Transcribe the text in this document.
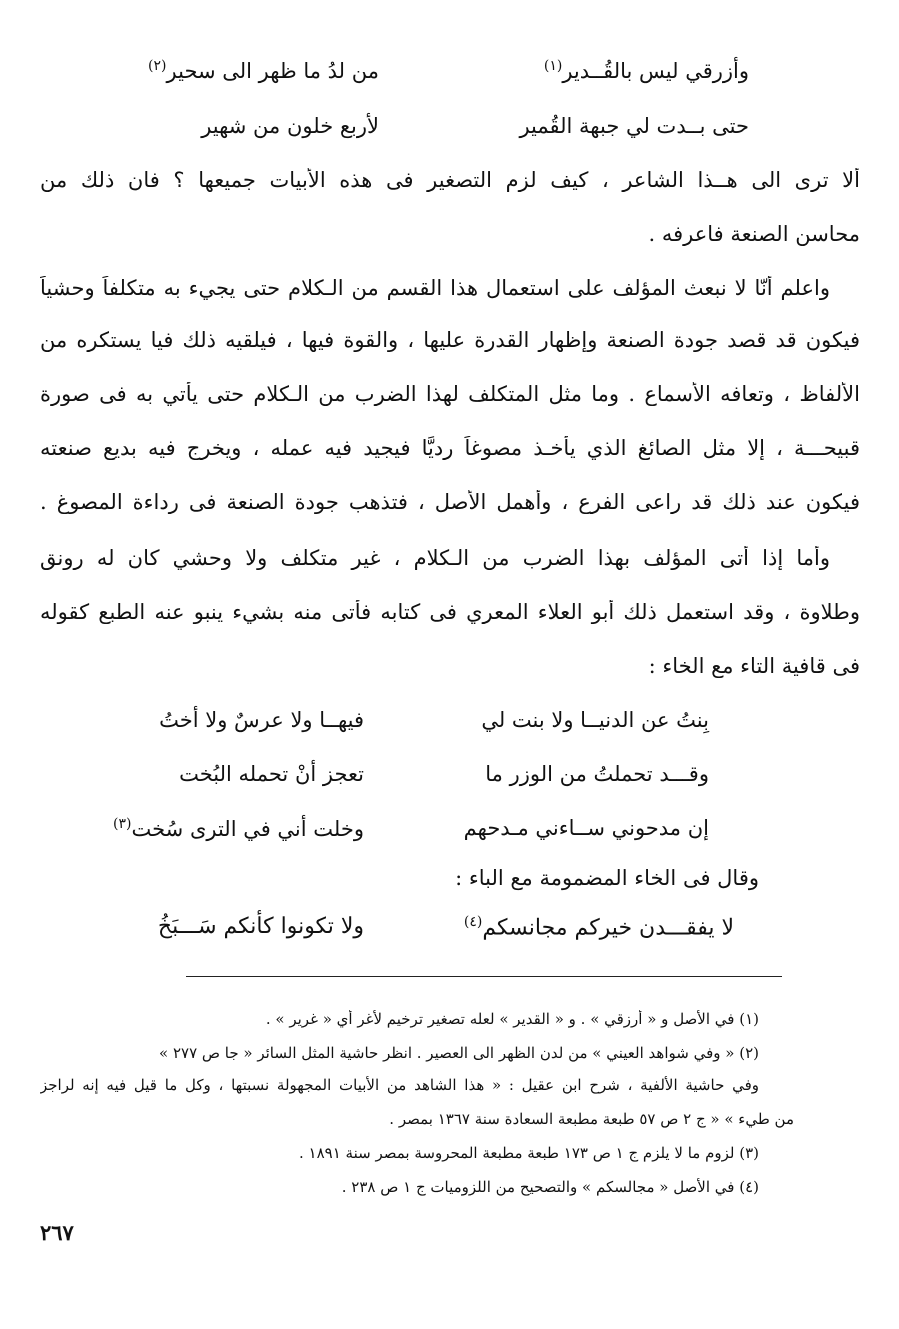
وأزرقي ليس بالقُــدير$^{(١)}$
من لدُ ما ظهر الى سحير$^{(٢)}$
حتى بــدت لي جبهة القُمير
لأربع خلون من شهير
ألا ترى الى هــذا الشاعر ، كيف لزم التصغير فى هذه الأبيات جميعها ؟ فان ذلك من
محاسن الصنعة فاعرفه .
واعلم أنّا لا نبعث المؤلف على استعمال هذا القسم من الـكلام حتى يجيء به متكلفاً وحشياً
فيكون قد قصد جودة الصنعة وإظهار القدرة عليها ، والقوة فيها ، فيلقيه ذلك فيا يستكره من
الألفاظ ، وتعافه الأسماع . وما مثل المتكلف لهذا الضرب من الـكلام حتى يأتي به فى صورة
قبيحـــة ، إلا مثل الصائغ الذي يأخـذ مصوغاً رديًّا فيجيد فيه عمله ، ويخرج فيه بديع صنعته
فيكون عند ذلك قد راعى الفرع ، وأهمل الأصل ، فتذهب جودة الصنعة فى رداءة المصوغ .
وأما إذا أتى المؤلف بهذا الضرب من الـكلام ، غير متكلف ولا وحشي كان له رونق
وطلاوة ، وقد استعمل ذلك أبو العلاء المعري فى كتابه فأتى منه بشيء ينبو عنه الطبع كقوله
فى قافية التاء مع الخاء :
بِنتُ عن الدنيــا ولا بنت لي
فيهــا ولا عرسٌ ولا أختُ
وقـــد تحملتُ من الوزر ما
تعجز أنْ تحمله البُخت
إن مدحوني ســاءني مـدحهم
وخلت أني في الترى سُخت$^{(٣)}$
وقال فى الخاء المضمومة مع الباء :
لا يفقـــدن خيركم مجانسكم$^{(٤)}$
ولا تكونوا كأنكم سَـــبَخُ
(١) في الأصل و « أرزقي » . و « القدير » لعله تصغير ترخيم لأغر أي « غرير » .
(٢) « وفي شواهد العيني » من لدن الظهر الى العصير . انظر حاشية المثل السائر « جا ص ٢٧٧ »
وفي حاشية الألفية ، شرح ابن عقيل : « هذا الشاهد من الأبيات المجهولة نسبتها ، وكل ما قيل فيه إنه لراجز
من طيء » « ج ٢ ص ٥٧ طبعة مطبعة السعادة سنة ١٣٦٧ بمصر .
(٣) لزوم ما لا يلزم ج ١ ص ١٧٣ طبعة مطبعة المحروسة بمصر سنة ١٨٩١ .
(٤) في الأصل « مجالسكم » والتصحيح من اللزوميات ج ١ ص ٢٣٨ .
٢٦٧
